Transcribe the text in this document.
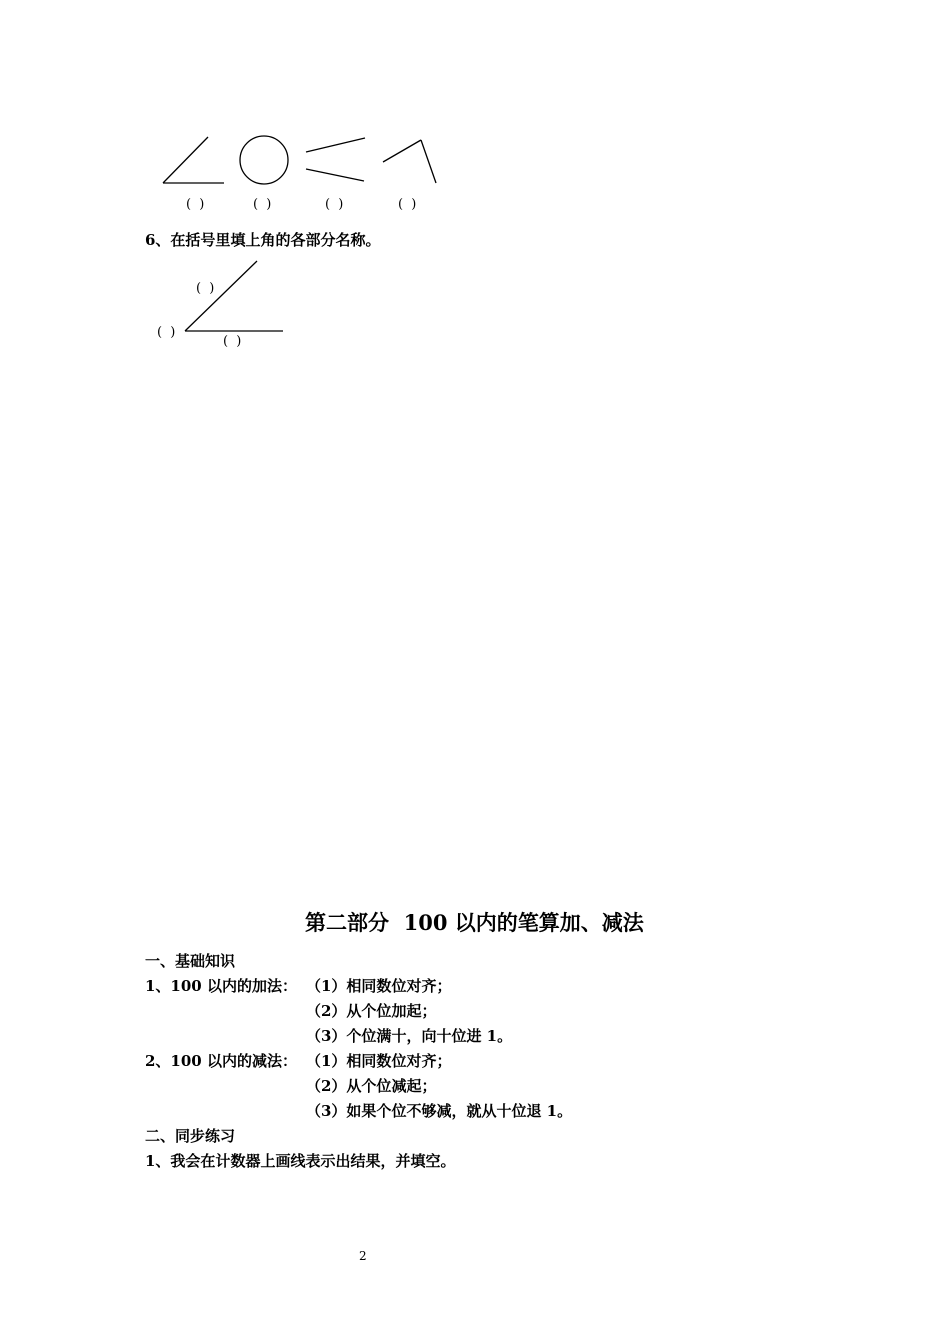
( )	( )	( )	( )
6、在括号里填上角的各部分名称。
( )
( )
( )
第二部分  100 以内的笔算加、减法
一、基础知识
1、100 以内的加法： （1）相同数位对齐；
（2）从个位加起；
（3）个位满十，向十位进 1。
2、100 以内的减法： （1）相同数位对齐；
（2）从个位减起；
（3）如果个位不够减，就从十位退 1。
二、同步练习
1、我会在计数器上画线表示出结果，并填空。
2
